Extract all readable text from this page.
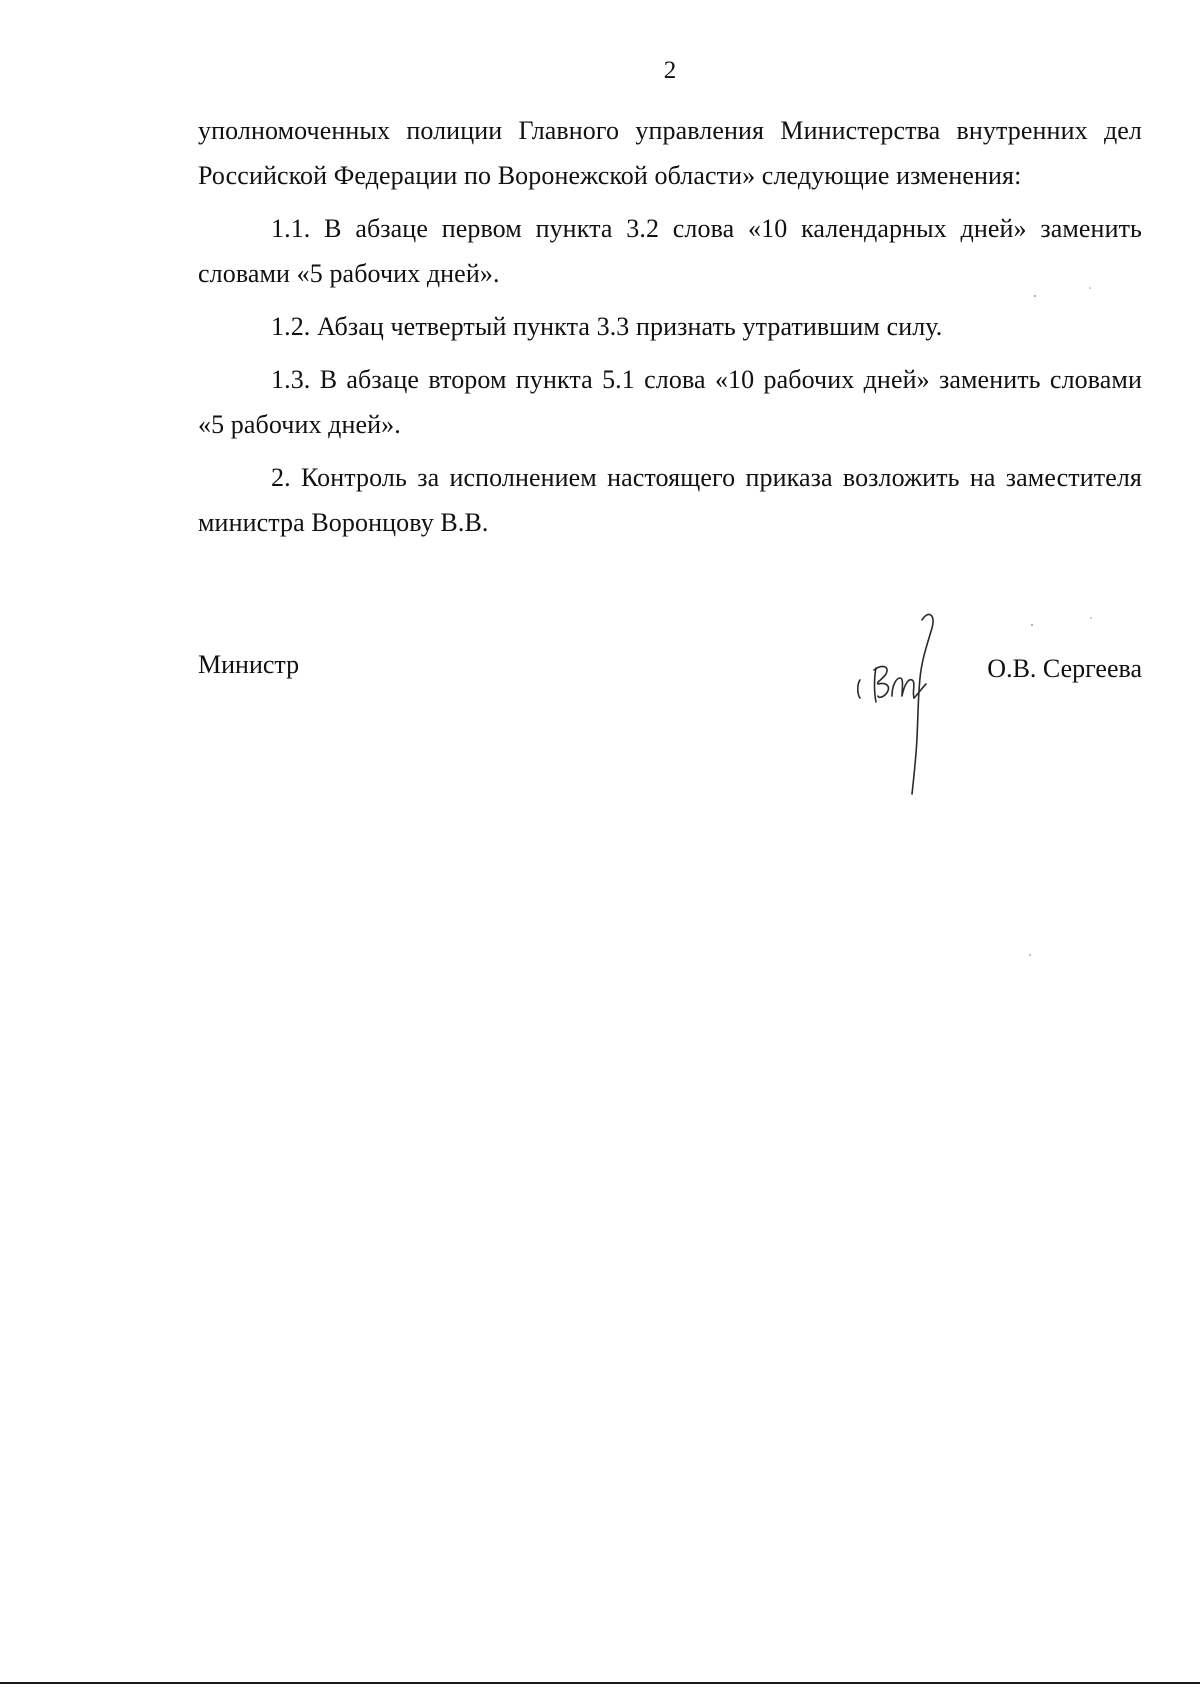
2

уполномоченных полиции Главного управления Министерства внутренних дел Российской Федерации по Воронежской области» следующие изменения:

1.1. В абзаце первом пункта 3.2 слова «10 календарных дней» заменить словами «5 рабочих дней».

1.2. Абзац четвертый пункта 3.3 признать утратившим силу.

1.3. В абзаце втором пункта 5.1 слова «10 рабочих дней» заменить словами «5 рабочих дней».

2. Контроль за исполнением настоящего приказа возложить на заместителя министра Воронцову В.В.

Министр	О.В. Сергеева
